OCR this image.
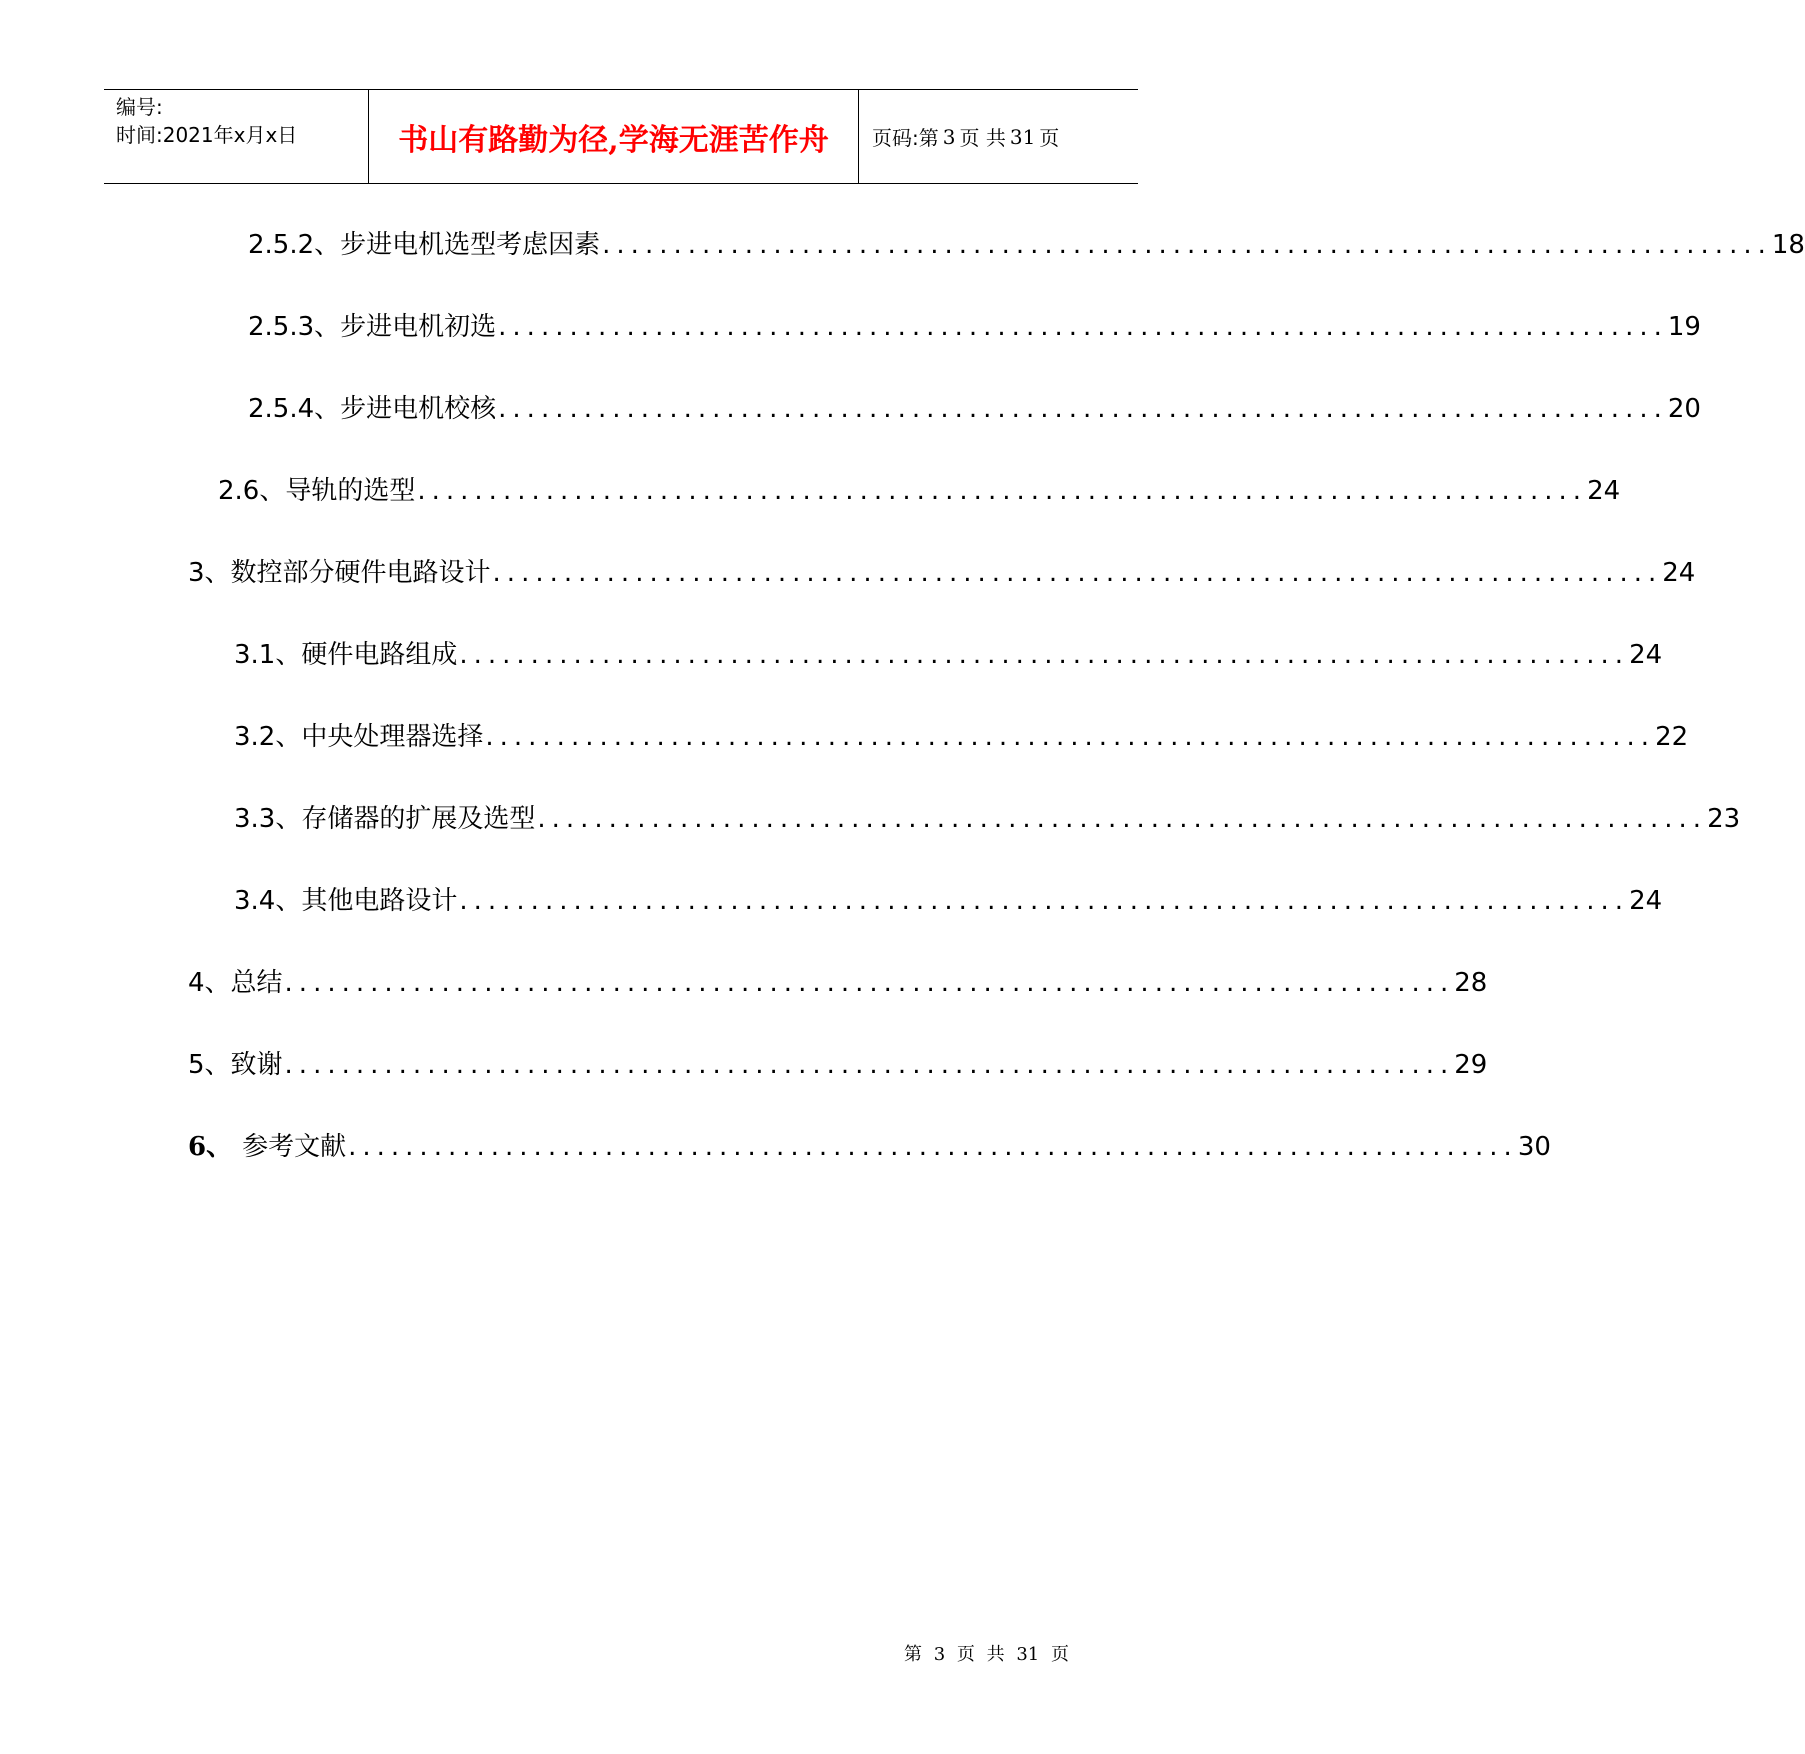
编号:
时间:2021年x月x日	书山有路勤为径,学海无涯苦作舟	页码:第 3 页 共 31 页
2.5.2、步进电机选型考虑因素 .................................................................................. 18
2.5.3、步进电机初选 .................................................................................. 19
2.5.4、步进电机校核 .................................................................................. 20
2.6、导轨的选型 .................................................................................. 24
3、数控部分硬件电路设计 .................................................................................. 24
3.1、硬件电路组成 .................................................................................. 24
3.2、中央处理器选择 .................................................................................. 22
3.3、存储器的扩展及选型 .................................................................................. 23
3.4、其他电路设计 .................................................................................. 24
4、总结 .................................................................................. 28
5、致谢 .................................................................................. 29
6、 参考文献 .................................................................................. 30
第 3 页 共 31 页
